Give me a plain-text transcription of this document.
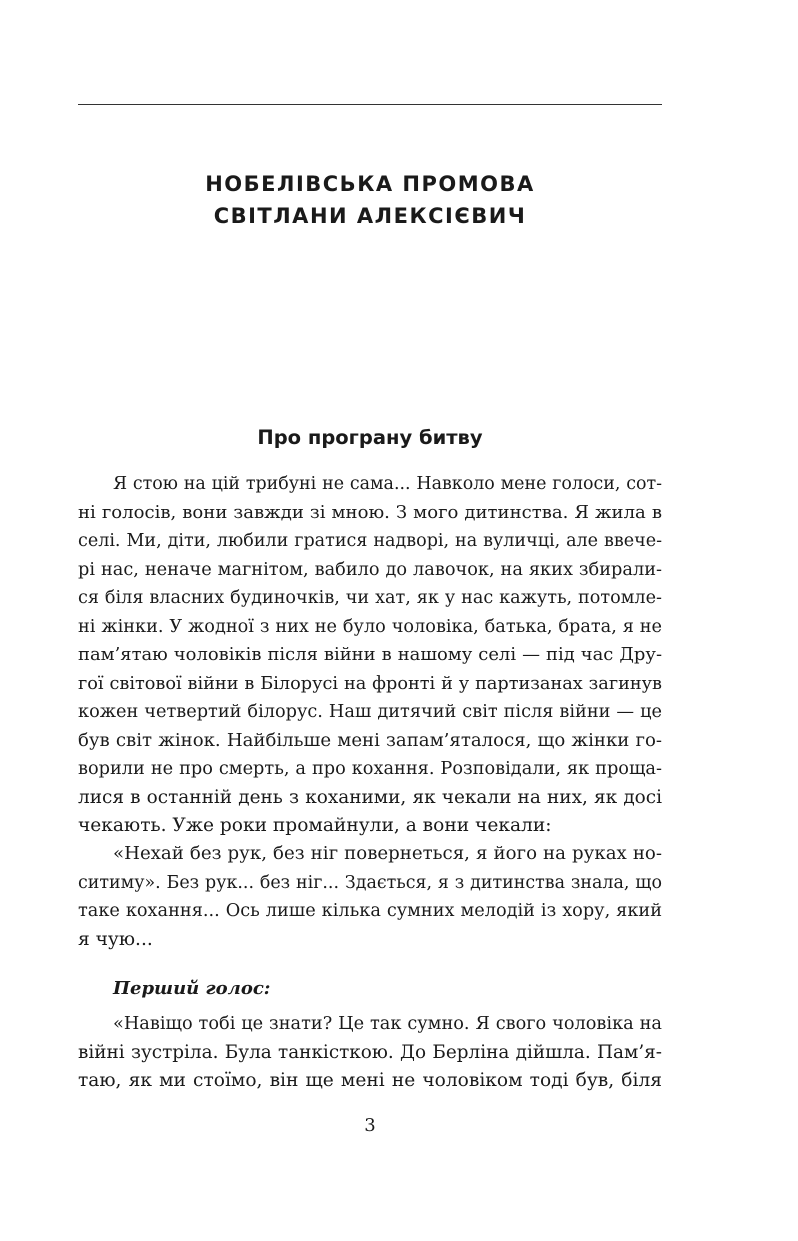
НОБЕЛІВСЬКА ПРОМОВА
СВІТЛАНИ АЛЕКСІЄВИЧ
Про програну битву
Я стою на цій трибуні не сама... Навколо мене голоси, сот-
ні голосів, вони завжди зі мною. З мого дитинства. Я жила в
селі. Ми, діти, любили гратися надворі, на вуличці, але ввече-
рі нас, неначе магнітом, вабило до лавочок, на яких збирали-
ся біля власних будиночків, чи хат, як у нас кажуть, потомле-
ні жінки. У жодної з них не було чоловіка, батька, брата, я не
пам’ятаю чоловіків після війни в нашому селі — під час Дру-
гої світової війни в Білорусі на фронті й у партизанах загинув
кожен четвертий білорус. Наш дитячий світ після війни — це
був світ жінок. Найбільше мені запам’яталося, що жінки го-
ворили не про смерть, а про кохання. Розповідали, як проща-
лися в останній день з коханими, як чекали на них, як досі
чекають. Уже роки промайнули, а вони чекали:
«Нехай без рук, без ніг повернеться, я його на руках но-
ситиму». Без рук... без ніг... Здається, я з дитинства знала, що
таке кохання... Ось лише кілька сумних мелодій із хору, який
я чую...
Перший голос:
«Навіщо тобі це знати? Це так сумно. Я свого чоловіка на
війні зустріла. Була танкісткою. До Берліна дійшла. Пам’я-
таю, як ми стоїмо, він ще мені не чоловіком тоді був, біля
3
